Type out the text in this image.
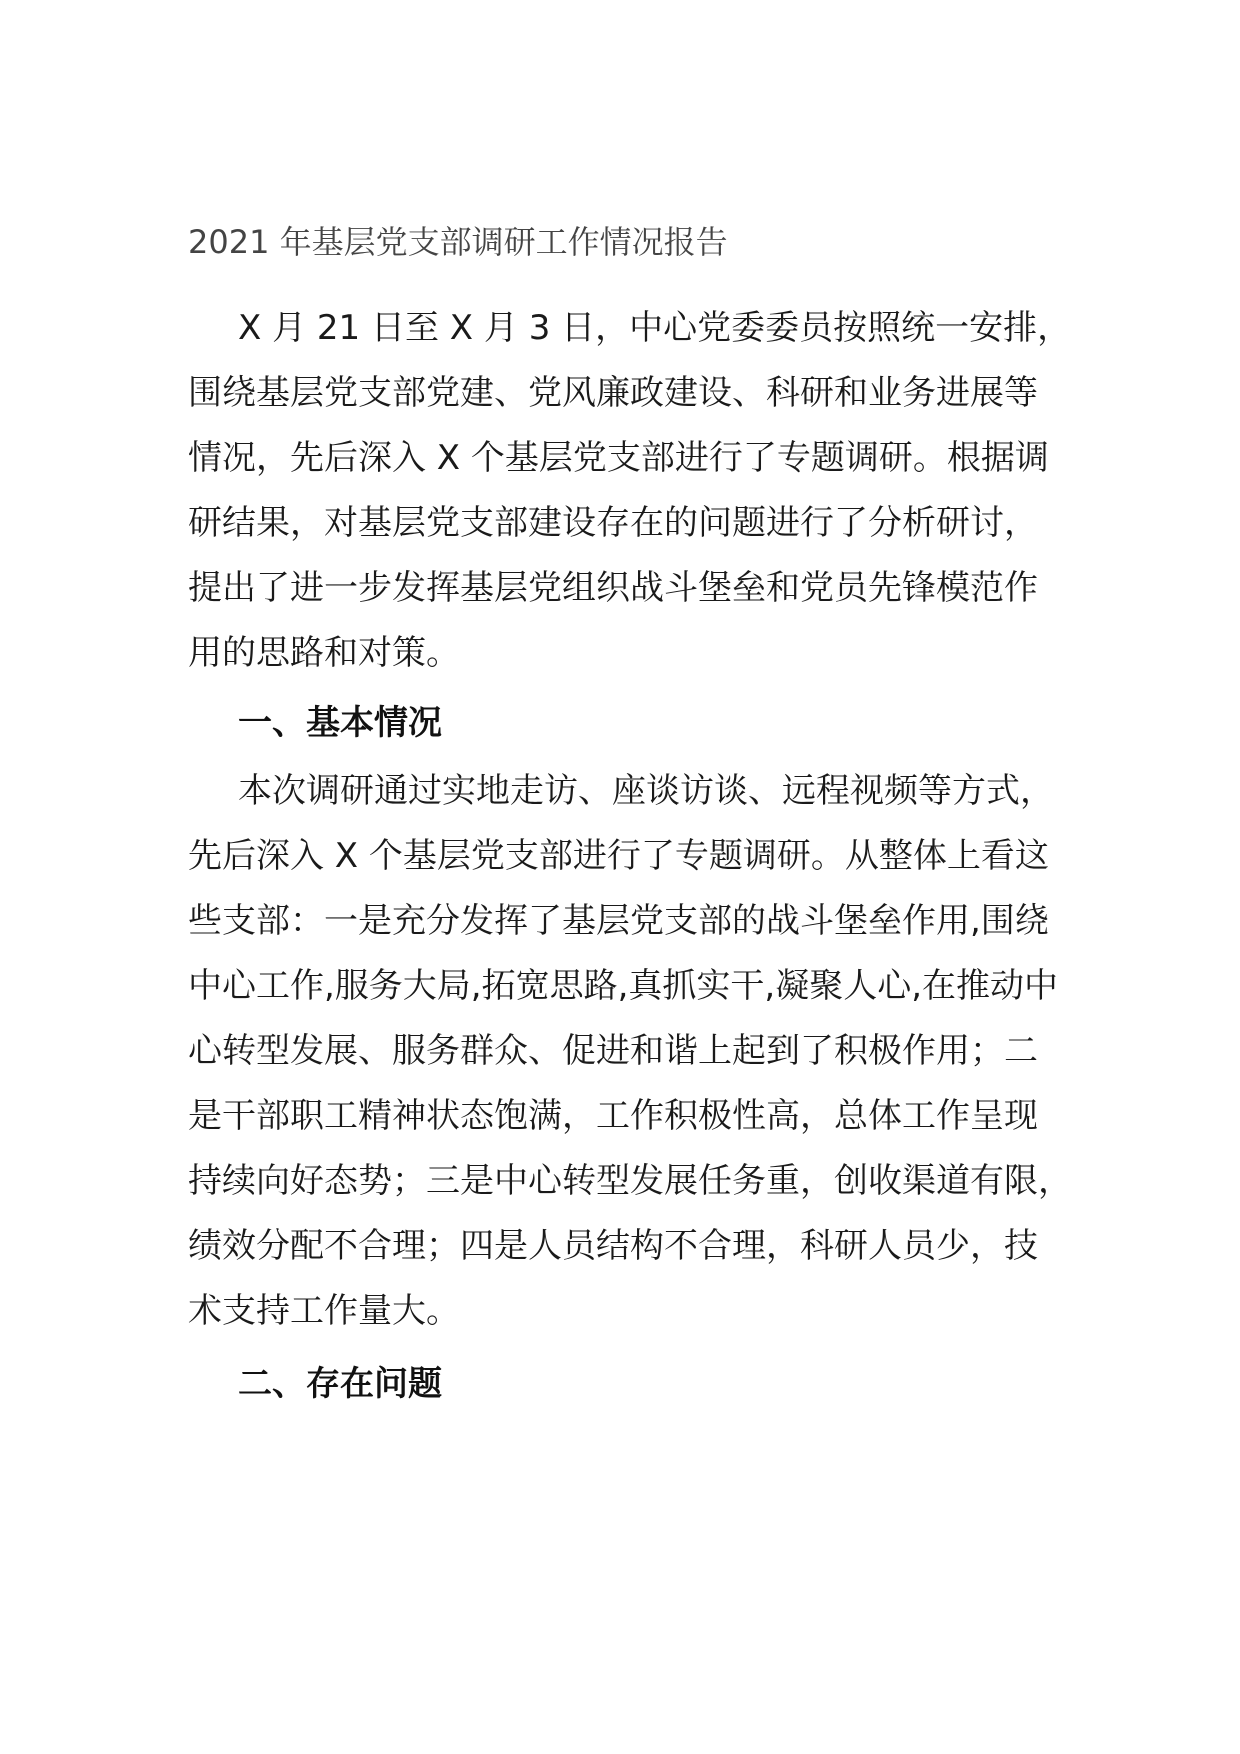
2021 年基层党支部调研工作情况报告
X 月 21 日至 X 月 3 日，中心党委委员按照统一安排，
围绕基层党支部党建、党风廉政建设、科研和业务进展等
情况，先后深入 X 个基层党支部进行了专题调研。根据调
研结果，对基层党支部建设存在的问题进行了分析研讨，
提出了进一步发挥基层党组织战斗堡垒和党员先锋模范作
用的思路和对策。
一、基本情况
本次调研通过实地走访、座谈访谈、远程视频等方式，
先后深入 X 个基层党支部进行了专题调研。从整体上看这
些支部：一是充分发挥了基层党支部的战斗堡垒作用,围绕
中心工作,服务大局,拓宽思路,真抓实干,凝聚人心,在推动中
心转型发展、服务群众、促进和谐上起到了积极作用；二
是干部职工精神状态饱满，工作积极性高，总体工作呈现
持续向好态势；三是中心转型发展任务重，创收渠道有限，
绩效分配不合理；四是人员结构不合理，科研人员少，技
术支持工作量大。
二、存在问题
